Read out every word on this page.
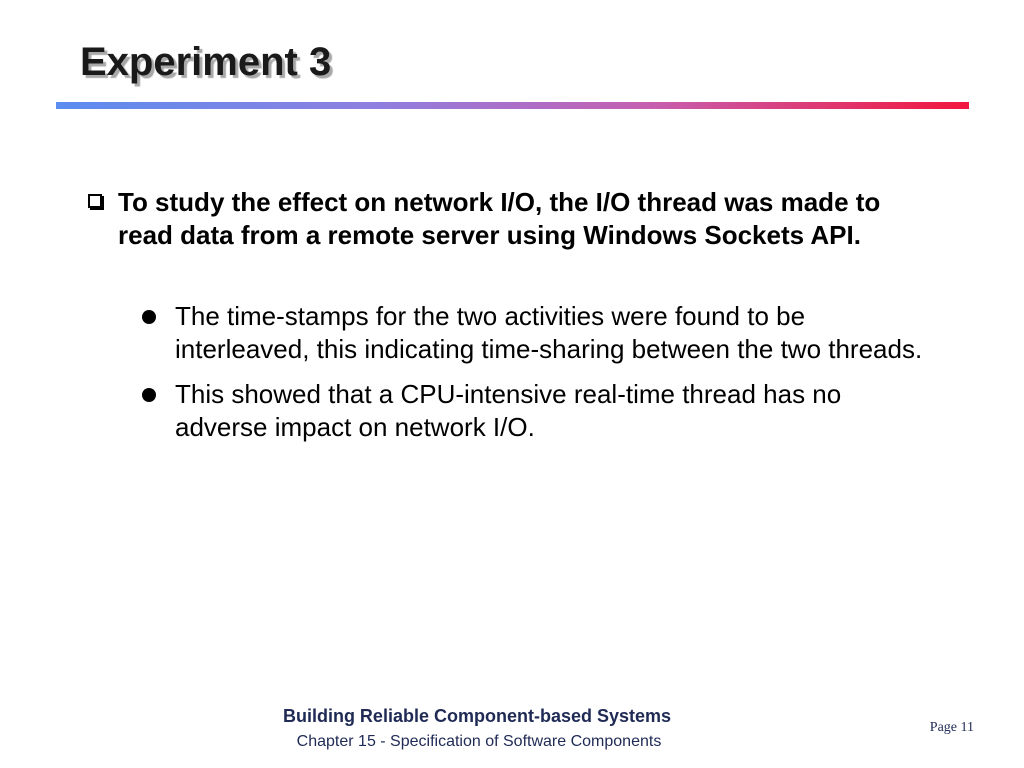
Experiment 3
To study the effect on network I/O, the I/O thread was made to read data from a remote server using Windows Sockets API.
The time-stamps for the two activities were found to be interleaved, this indicating time-sharing between the two threads.
This showed that a CPU-intensive real-time thread has no adverse impact on network I/O.
Building Reliable Component-based Systems
Chapter 15 - Specification of Software Components
Page 11
